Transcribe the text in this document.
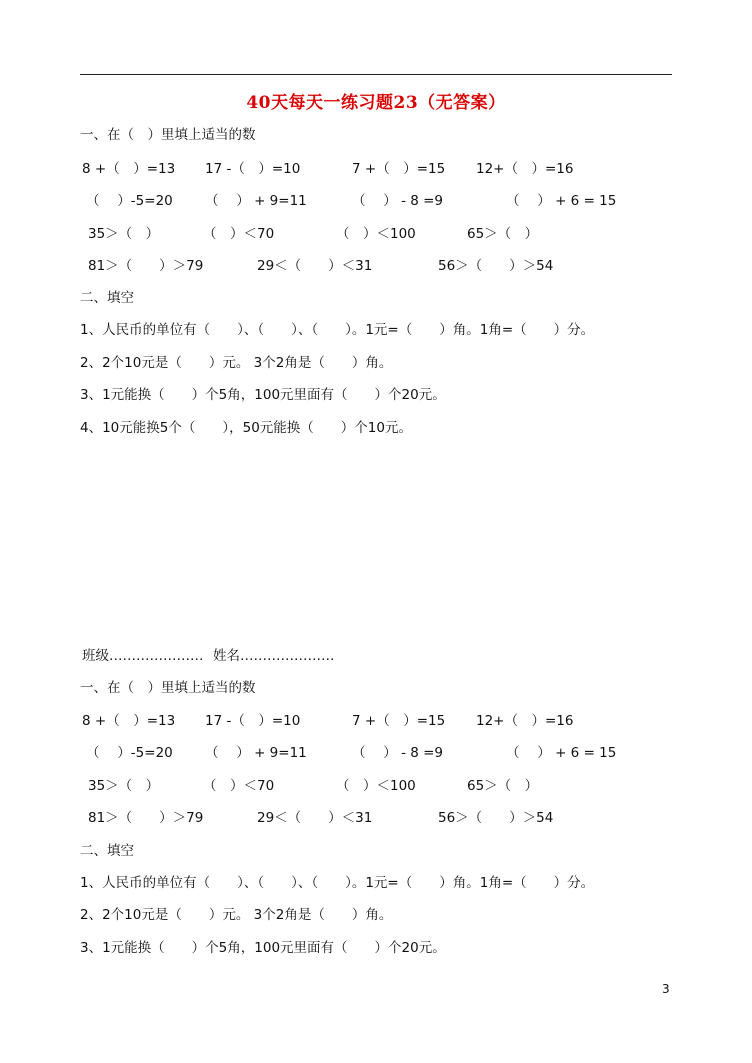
40天每天一练习题23（无答案）
一、在（　）里填上适当的数
8 +（　）=13 17 -（　）=10	7 +（　）=15 12+（　）=16
（　 ）-5=20 （　 ） + 9=11	（　 ） - 8 =9	（　 ） + 6 = 15
35＞（　）	（　）＜70	（　）＜100	65＞（　）
81＞（　　）＞79	29＜（　　）＜31	56＞（　　）＞54
二、填空
1、人民币的单位有（　　）、（　　）、（　　）。1元=（　　）角。1角=（　　）分。
2、2个10元是（　　）元。 3个2角是（　　）角。
3、1元能换（　　）个5角，100元里面有（　　）个20元。
4、10元能换5个（　　），50元能换（　　）个10元。
班级………………… 姓名…………………
一、在（　）里填上适当的数
8 +（　）=13 17 -（　）=10	7 +（　）=15 12+（　）=16
（　 ）-5=20 （　 ） + 9=11	（　 ） - 8 =9	（　 ） + 6 = 15
35＞（　）	（　）＜70	（　）＜100	65＞（　）
81＞（　　）＞79	29＜（　　）＜31	56＞（　　）＞54
二、填空
1、人民币的单位有（　　）、（　　）、（　　）。1元=（　　）角。1角=（　　）分。
2、2个10元是（　　）元。 3个2角是（　　）角。
3、1元能换（　　）个5角，100元里面有（　　）个20元。
3
